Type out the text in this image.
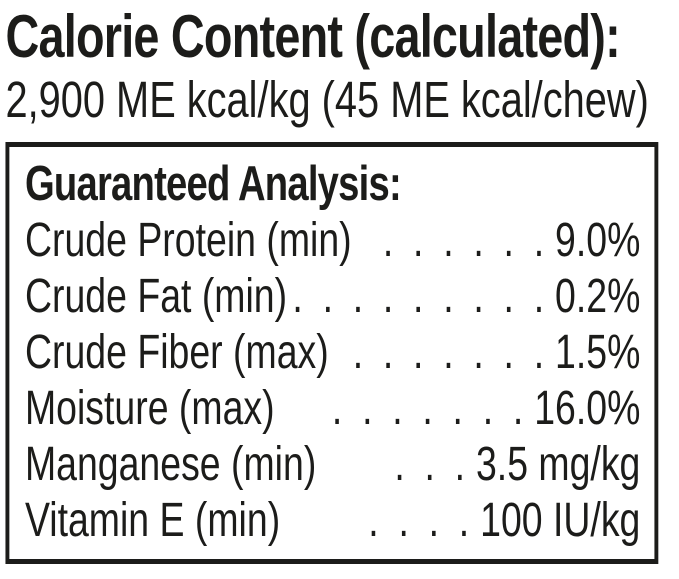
Calorie Content (calculated):
2,900 ME kcal/kg (45 ME kcal/chew)
Guaranteed Analysis:
Crude Protein (min) . . . . . . 9.0%
Crude Fat (min) . . . . . . . . . 0.2%
Crude Fiber (max) . . . . . . . 1.5%
Moisture (max) . . . . . . . 16.0%
Manganese (min) . . . 3.5 mg/kg
Vitamin E (min) . . . . 100 IU/kg
